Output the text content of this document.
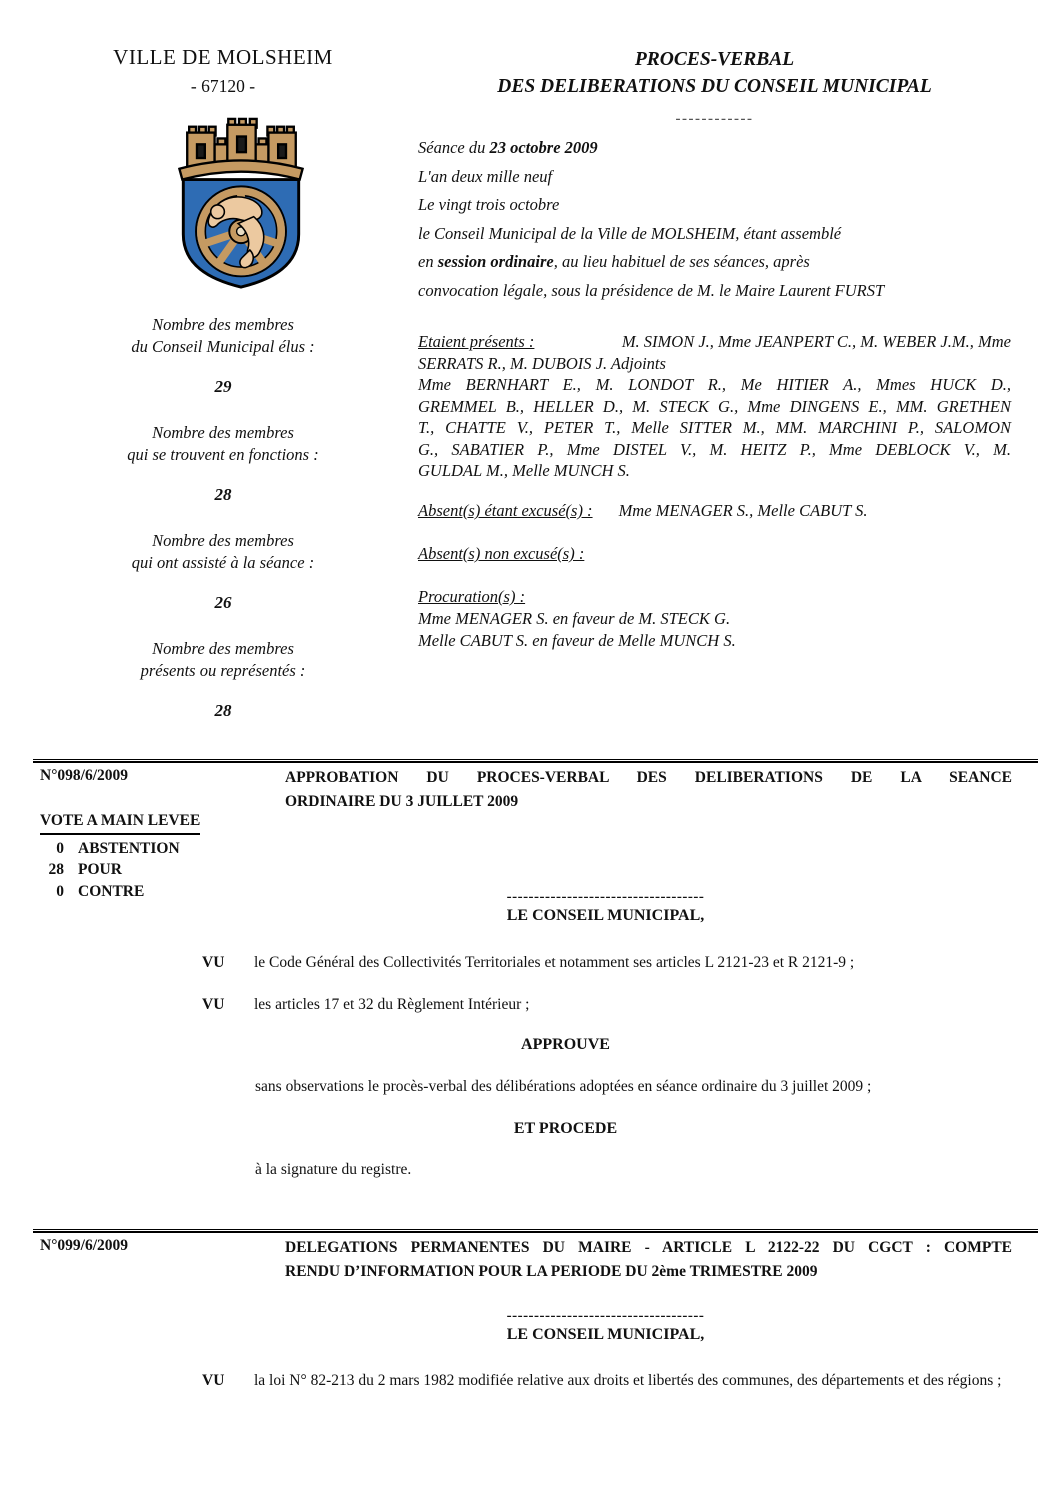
VILLE DE MOLSHEIM
- 67120 -
Nombre des membres
du Conseil Municipal élus :
29
Nombre des membres
qui se trouvent en fonctions :
28
Nombre des membres
qui ont assisté à la séance :
26
Nombre des membres
présents ou représentés :
28
PROCES-VERBAL
DES DELIBERATIONS DU CONSEIL MUNICIPAL
------------
Séance du 23 octobre 2009
L'an deux mille neuf
Le vingt trois octobre
le Conseil Municipal de la Ville de MOLSHEIM, étant assemblé
en session ordinaire, au lieu habituel de ses séances, après
convocation légale, sous la présidence de M. le Maire Laurent FURST
Etaient présents :	M. SIMON J., Mme JEANPERT C., M. WEBER J.M., Mme
SERRATS R., M. DUBOIS J. Adjoints
Mme BERNHART E., M. LONDOT R., Me HITIER A., Mmes HUCK D.,
GREMMEL B., HELLER D., M. STECK G., Mme DINGENS E., MM. GRETHEN
T., CHATTE V., PETER T., Melle SITTER M., MM. MARCHINI P., SALOMON
G., SABATIER P., Mme DISTEL V., M. HEITZ P., Mme DEBLOCK V., M.
GULDAL M., Melle MUNCH S.
Absent(s) étant excusé(s) : Mme MENAGER S., Melle CABUT S.
Absent(s) non excusé(s) :
Procuration(s) :
Mme MENAGER S. en faveur de M. STECK G.
Melle CABUT S. en faveur de Melle MUNCH S.
N°098/6/2009	APPROBATION DU PROCES-VERBAL DES DELIBERATIONS DE LA SEANCE
ORDINAIRE DU 3 JUILLET 2009
VOTE A MAIN LEVEE
0 ABSTENTION
28 POUR
0 CONTRE	------------------------------------
LE CONSEIL MUNICIPAL,
VU	le Code Général des Collectivités Territoriales et notamment ses articles L 2121-23 et R 2121-9 ;
VU	les articles 17 et 32 du Règlement Intérieur ;
APPROUVE
sans observations le procès-verbal des délibérations adoptées en séance ordinaire du 3 juillet 2009 ;
ET PROCEDE
à la signature du registre.
N°099/6/2009	DELEGATIONS PERMANENTES DU MAIRE - ARTICLE L 2122-22 DU CGCT : COMPTE
RENDU D’INFORMATION POUR LA PERIODE DU 2ème TRIMESTRE 2009
------------------------------------
LE CONSEIL MUNICIPAL,
VU	la loi N° 82-213 du 2 mars 1982 modifiée relative aux droits et libertés des communes, des départements et des régions ;
